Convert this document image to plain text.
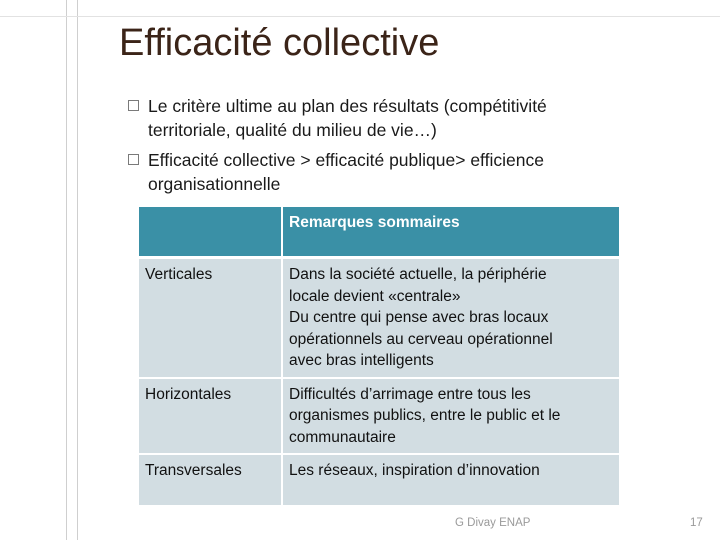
Efficacité collective
Le critère ultime au plan des résultats (compétitivité
territoriale, qualité du milieu de vie…)
Efficacité collective > efficacité publique> efficience
organisationnelle
	Remarques sommaires
Verticales	Dans la société actuelle, la périphérie
locale devient «centrale»
Du centre qui pense avec bras locaux
opérationnels au cerveau opérationnel
avec bras intelligents
Horizontales	Difficultés d’arrimage entre tous les
organismes publics, entre le public et le
communautaire
Transversales	Les réseaux, inspiration d’innovation
G Divay ENAP	17
